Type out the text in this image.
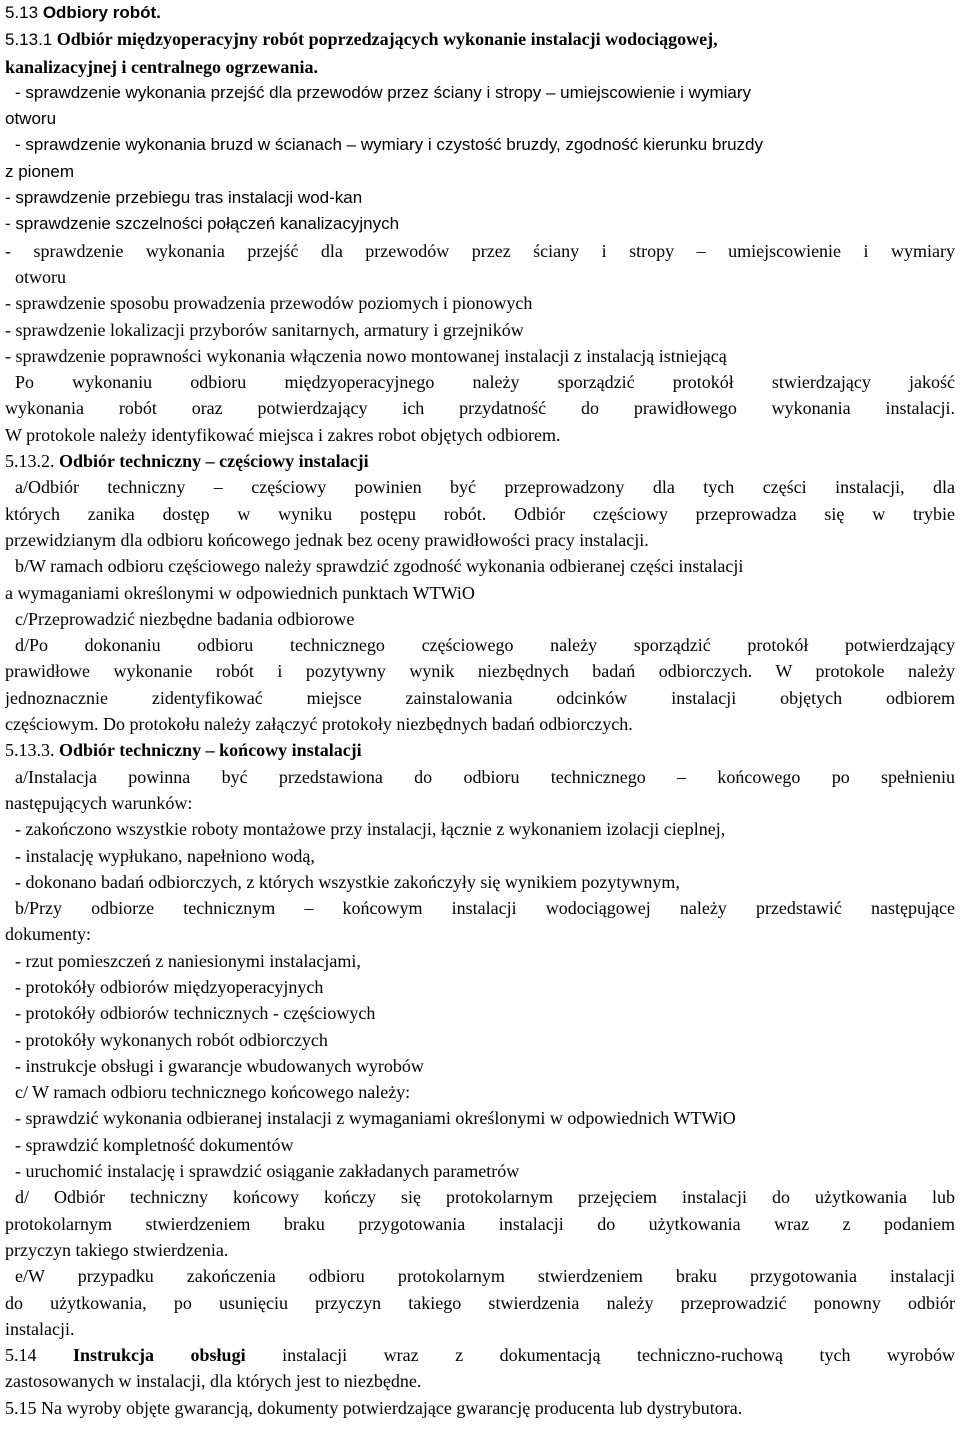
5.13 Odbiory robót.
5.13.1 Odbiór międzyoperacyjny robót poprzedzających wykonanie instalacji wodociągowej,
kanalizacyjnej i centralnego ogrzewania.
- sprawdzenie wykonania przejść dla przewodów przez ściany i stropy – umiejscowienie i wymiary
otworu
- sprawdzenie wykonania bruzd w ścianach – wymiary i czystość bruzdy, zgodność kierunku bruzdy
z pionem
- sprawdzenie przebiegu tras instalacji wod-kan
- sprawdzenie szczelności połączeń kanalizacyjnych
- sprawdzenie wykonania przejść dla przewodów przez ściany i stropy – umiejscowienie i wymiary
otworu
- sprawdzenie sposobu prowadzenia przewodów poziomych i pionowych
- sprawdzenie lokalizacji przyborów sanitarnych, armatury i grzejników
- sprawdzenie poprawności wykonania włączenia nowo montowanej instalacji z instalacją istniejącą
Po wykonaniu odbioru międzyoperacyjnego należy sporządzić protokół stwierdzający jakość
wykonania robót oraz potwierdzający ich przydatność do prawidłowego wykonania instalacji.
W protokole należy identyfikować miejsca i zakres robot objętych odbiorem.
5.13.2. Odbiór techniczny – częściowy instalacji
a/Odbiór techniczny – częściowy powinien być przeprowadzony dla tych części instalacji, dla
których zanika dostęp w wyniku postępu robót. Odbiór częściowy przeprowadza się w trybie
przewidzianym dla odbioru końcowego jednak bez oceny prawidłowości pracy instalacji.
b/W ramach odbioru częściowego należy sprawdzić zgodność wykonania odbieranej części instalacji
a wymaganiami określonymi w odpowiednich punktach WTWiO
c/Przeprowadzić niezbędne badania odbiorowe
d/Po dokonaniu odbioru technicznego częściowego należy sporządzić protokół potwierdzający
prawidłowe wykonanie robót i pozytywny wynik niezbędnych badań odbiorczych. W protokole należy
jednoznacznie zidentyfikować miejsce zainstalowania odcinków instalacji objętych odbiorem
częściowym. Do protokołu należy załączyć protokoły niezbędnych badań odbiorczych.
5.13.3. Odbiór techniczny – końcowy instalacji
a/Instalacja powinna być przedstawiona do odbioru technicznego – końcowego po spełnieniu
następujących warunków:
- zakończono wszystkie roboty montażowe przy instalacji, łącznie z wykonaniem izolacji cieplnej,
- instalację wypłukano, napełniono wodą,
- dokonano badań odbiorczych, z których wszystkie zakończyły się wynikiem pozytywnym,
b/Przy odbiorze technicznym – końcowym instalacji wodociągowej należy przedstawić następujące
dokumenty:
- rzut pomieszczeń z naniesionymi instalacjami,
- protokóły odbiorów międzyoperacyjnych
- protokóły odbiorów technicznych - częściowych
- protokóły wykonanych robót odbiorczych
- instrukcje obsługi i gwarancje wbudowanych wyrobów
c/ W ramach odbioru technicznego końcowego należy:
- sprawdzić wykonania odbieranej instalacji z wymaganiami określonymi w odpowiednich WTWiO
- sprawdzić kompletność dokumentów
- uruchomić instalację i sprawdzić osiąganie zakładanych parametrów
d/ Odbiór techniczny końcowy kończy się protokolarnym przejęciem instalacji do użytkowania lub
protokolarnym stwierdzeniem braku przygotowania instalacji do użytkowania wraz z podaniem
przyczyn takiego stwierdzenia.
e/W przypadku zakończenia odbioru protokolarnym stwierdzeniem braku przygotowania instalacji
do użytkowania, po usunięciu przyczyn takiego stwierdzenia należy przeprowadzić ponowny odbiór
instalacji.
5.14 Instrukcja obsługi instalacji wraz z dokumentacją techniczno-ruchową tych wyrobów
zastosowanych w instalacji, dla których jest to niezbędne.
5.15 Na wyroby objęte gwarancją, dokumenty potwierdzające gwarancję producenta lub dystrybutora.
